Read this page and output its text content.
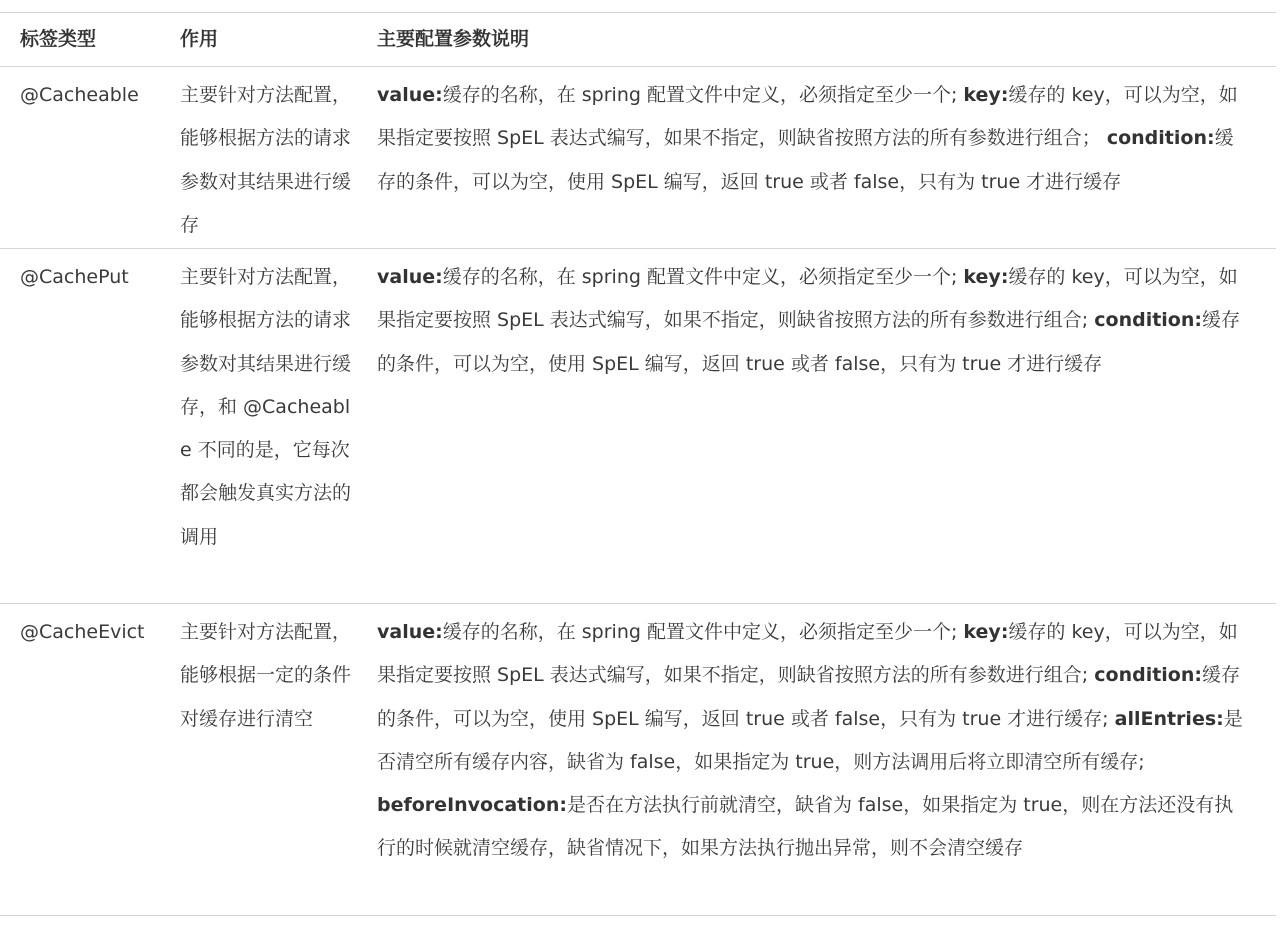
标签类型	作用	主要配置参数说明
@Cacheable	主要针对方法配置，能够根据方法的请求参数对其结果进行缓存	value:缓存的名称，在 spring 配置文件中定义，必须指定至少一个; key:缓存的 key，可以为空，如果指定要按照 SpEL 表达式编写，如果不指定，则缺省按照方法的所有参数进行组合； condition:缓存的条件，可以为空，使用 SpEL 编写，返回 true 或者 false，只有为 true 才进行缓存
@CachePut	主要针对方法配置，能够根据方法的请求参数对其结果进行缓存，和 @Cacheable 不同的是，它每次都会触发真实方法的调用	value:缓存的名称，在 spring 配置文件中定义，必须指定至少一个; key:缓存的 key，可以为空，如果指定要按照 SpEL 表达式编写，如果不指定，则缺省按照方法的所有参数进行组合; condition:缓存的条件，可以为空，使用 SpEL 编写，返回 true 或者 false，只有为 true 才进行缓存
@CacheEvict	主要针对方法配置，能够根据一定的条件对缓存进行清空	value:缓存的名称，在 spring 配置文件中定义，必须指定至少一个; key:缓存的 key，可以为空，如果指定要按照 SpEL 表达式编写，如果不指定，则缺省按照方法的所有参数进行组合; condition:缓存的条件，可以为空，使用 SpEL 编写，返回 true 或者 false，只有为 true 才进行缓存; allEntries:是否清空所有缓存内容，缺省为 false，如果指定为 true，则方法调用后将立即清空所有缓存; beforeInvocation:是否在方法执行前就清空，缺省为 false，如果指定为 true，则在方法还没有执行的时候就清空缓存，缺省情况下，如果方法执行抛出异常，则不会清空缓存
